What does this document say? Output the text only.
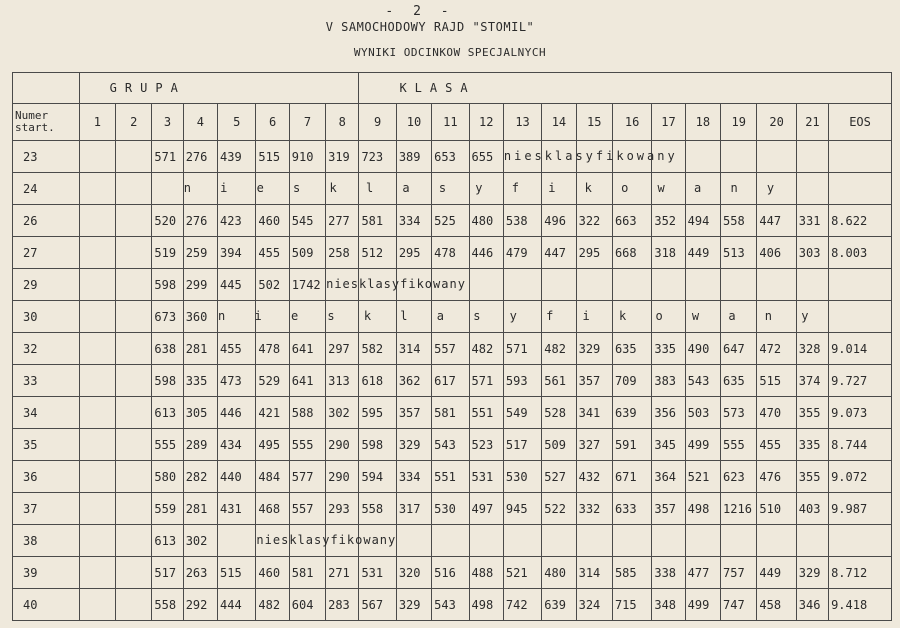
- 2 -
V SAMOCHODOWY RAJD "STOMIL"
WYNIKI ODCINKOW SPECJALNYCH
	GRUPA								KLASA													
Numer
start.	1	2	3	4	5	6	7	8	9	10	11	12	13	14	15	16	17	18	19	20	21	EOS
23			571	276	439	515	910	319	723	389	653	655	niesklasyfikowany									

24				n i e s k l a s y f i k o w a n y																		

26			520	276	423	460	545	277	581	334	525	480	538	496	322	663	352	494	558	447	331	8.622
27			519	259	394	455	509	258	512	295	478	446	479	447	295	668	318	449	513	406	303	8.003
29			598	299	445	502	1742	niesklasyfikowany														

30			673	360	n i e s k l a s y f i k o w a n y																	

32			638	281	455	478	641	297	582	314	557	482	571	482	329	635	335	490	647	472	328	9.014
33			598	335	473	529	641	313	618	362	617	571	593	561	357	709	383	543	635	515	374	9.727
34			613	305	446	421	588	302	595	357	581	551	549	528	341	639	356	503	573	470	355	9.073
35			555	289	434	495	555	290	598	329	543	523	517	509	327	591	345	499	555	455	335	8.744
36			580	282	440	484	577	290	594	334	551	531	530	527	432	671	364	521	623	476	355	9.072
37			559	281	431	468	557	293	558	317	530	497	945	522	332	633	357	498	1216	510	403	9.987
38			613	302		niesklasyfikowany																

39			517	263	515	460	581	271	531	320	516	488	521	480	314	585	338	477	757	449	329	8.712
40			558	292	444	482	604	283	567	329	543	498	742	639	324	715	348	499	747	458	346	9.418
